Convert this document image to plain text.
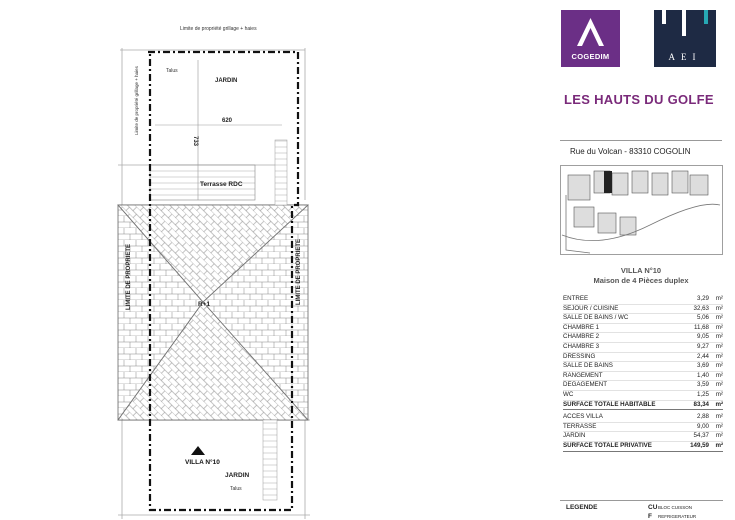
Limite de propriété grillage + haies
Limite de propriété grillage + haies	Talus
JARDIN
620
733
Terrasse RDC
LIMITE DE PROPRIETE	LIMITE DE PROPRIETE
R+1
VILLA N°10
JARDIN
Talus
COGEDIM	AEI
LES HAUTS DU GOLFE
Rue du Volcan - 83310 COGOLIN
VILLA N°10
Maison de 4 Pièces duplex
ENTREE	3,29	m²
SEJOUR / CUISINE	32,63	m²
SALLE DE BAINS / WC	5,06	m²
CHAMBRE 1	11,68	m²
CHAMBRE 2	9,05	m²
CHAMBRE 3	9,27	m²
DRESSING	2,44	m²
SALLE DE BAINS	3,69	m²
RANGEMENT	1,40	m²
DEGAGEMENT	3,59	m²
WC	1,25	m²
SURFACE TOTALE HABITABLE	83,34	m²
ACCES VILLA	2,88	m²
TERRASSE	9,00	m²
JARDIN	54,37	m²
SURFACE TOTALE PRIVATIVE	149,59	m²
LEGENDE	CU BLOC CUISSON
F REFRIGERATEUR
